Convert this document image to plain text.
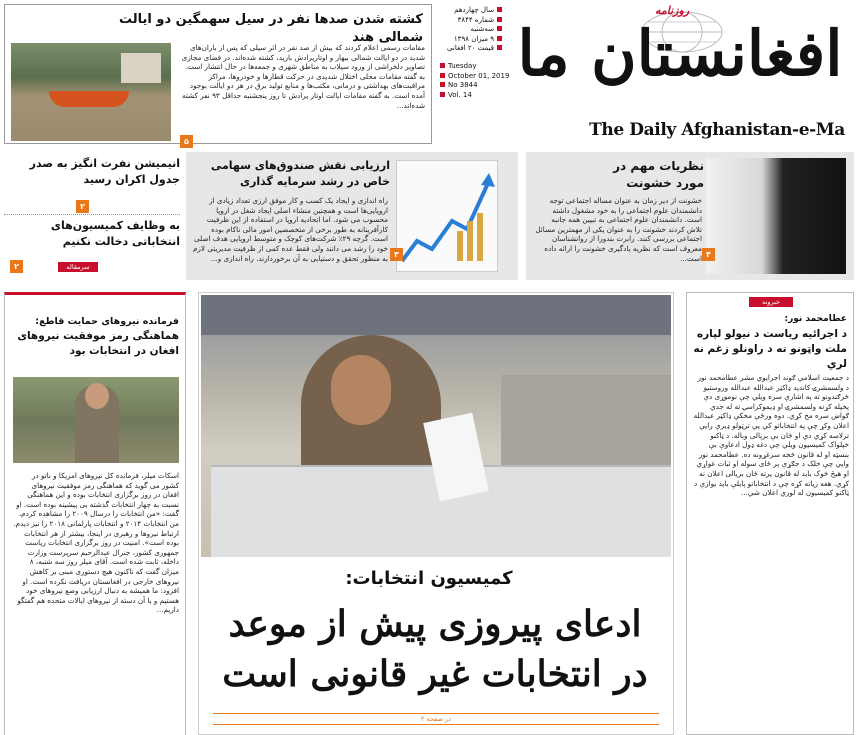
روزنامه
افغانستان ما
The Daily Afghanistan-e-Ma
سال چهاردهم
شماره ۳۸۴۴
سه‌شنبه
۹ میزان ۱۳۹۸
قیمت ۲۰ افغانی
Tuesday
October 01, 2019
No 3844
Vol. 14
کشته شدن صدها نفر در سیل سهمگین دو ایالت شمالی هند
مقامات رسمی اعلام کردند که بیش از صد نفر در اثر سیلی که پس از باران‌های شدید در دو ایالت شمالی بیهار و اوتارپرادش بارید، کشته شده‌اند. در فضای مجازی تصاویر دلخراشی از ورود سیلاب به مناطق شهری و جمعه‌ها در حال انتشار است. به گفته مقامات محلی اختلال شدیدی در حرکت قطارها و خودروها، مراکز مراقبت‌های بهداشتی و درمانی، مکتب‌ها و منابع تولید برق در هر دو ایالت بوجود آمده است. به گفته مقامات ایالت اوتار پرادش تا روز پنجشنبه حداقل ۹۳ نفر کشته شده‌اند...
۵
انیمیشن نفرت انگیز به صدر جدول اکران رسید
۲
به وظایف کمیسیون‌های انتخاباتی دخالت نکنیم
۲	سرمقاله
ارزیابی نقش صندوق‌های سهامی خاص در رشد سرمایه گذاری
راه اندازی و ایجاد یک کسب و کار موفق ارزی تعداد زیادی از اروپایی‌ها است و همچنین منشاء اصلی ایجاد شغل در اروپا محسوب می شود. اما اتحادیه اروپا در استفاده از این ظرفیت کارآفرینانه به طور برخی از متخصصین امور مالی ناکام بوده است. گرچه ۲۹٪ شرکت‌های کوچک و متوسط اروپایی هدف اصلی خود را رشد می دانند ولی فقط عده کمی از ظرفیت مدیریتی لازم به منظور تحقق و دستیابی به آن برخوردارند. راه اندازی و... ۳
نظریات مهم در مورد خشونت
خشونت از دیر زمان به عنوان مساله اجتماعی توجه دانشمندان علوم اجتماعی را به خود مشغول داشته است. دانشمندان علوم اجتماعی به تبیین همه جانبه تلاش کردند خشونت را به عنوان یکی از مهمترین مسائل اجتماعی بررسی کنند. رابرت بندورا از روانشناسان معروف است که نظریه یادگیری خشونت را ارائه داده است... ۴
فرمانده نیروهای حمایت قاطع:
هماهنگی رمز موفقیت نیروهای افغان در انتخابات بود
اسکات میلر، فرمانده کل نیروهای امریکا و ناتو در کشور می گوید که هماهنگی رمز موفقیت نیروهای افغان در روز برگزاری انتخابات بوده و این هماهنگی نسبت به چهار انتخابات گذشته بی پیشینه بوده است. او گفت: «من انتخابات را درسال ۲۰۰۹ را مشاهده کردم، من انتخابات ۲۰۱۴ و انتخابات پارلمانی ۲۰۱۸ را نیز دیدم. ارتباط نیروها و رهبری در اینجا، بیشتر از هر انتخابات بوده است». امنیت در روز برگزاری انتخابات ریاست جمهوری کشور، جنرال عبدالرحیم سرپرست وزارت داخله، ثابت شده است. آقای میلر روز سه شنبه، ۸ میزان گفت که تاکنون هیچ دستوری مبنی بر کاهش نیروهای خارجی در افغانستان دریافت نکرده است. او افزود: ما همیشه به دنبال ارزیابی وضع نیروهای خود هستیم و با آن دسته از نیروهای ایالات متحده هم گفتگو داریم...
کمیسیون انتخابات:
ادعای پیروزی پیش از موعد در انتخابات غیر قانونی است
در صفحه ۲
خبرونه
عطامحمد نور:
د اجرائیه ریاست د نیولو لپاره ملت واټونو ته د راونلو زغم نه لري
د جمعیت اسلامي ګوند اجرایوي مشر عطامحمد نور د ولسمشرۍ کاندید ډاکټر عبدالله عبدالله وروستیو څرګندونو ته په اشارې سره ویلي چې نوموړی دې پخپله کړنه ولسمشرۍ او ډیموکراسۍ ته له جدي ګواښ سره مخ کړي. دوه ورځې مخکې ډاکټر عبدالله اعلان وکړ چې په انتخاباتو کې یې ترټولو ډیرې رایې ترلاسه کړي دي او ځان یې بریالی وباله. د ټاکنو خپلواک کمیسیون ویلي چې دغه ډول ادعاوې بې بنسټه او له قانون څخه سرغړونه ده. عطامحمد نور وایي چې خلک د جګړې پر ځای سوله او ثبات غواړي او هیڅ څوک باید له قانون پرته ځان بریالی اعلان نه کړي. هغه زیاته کړه چې د انتخاباتو پایلې باید یوازې د ټاکنو کمیسیون له لوري اعلان شي...
